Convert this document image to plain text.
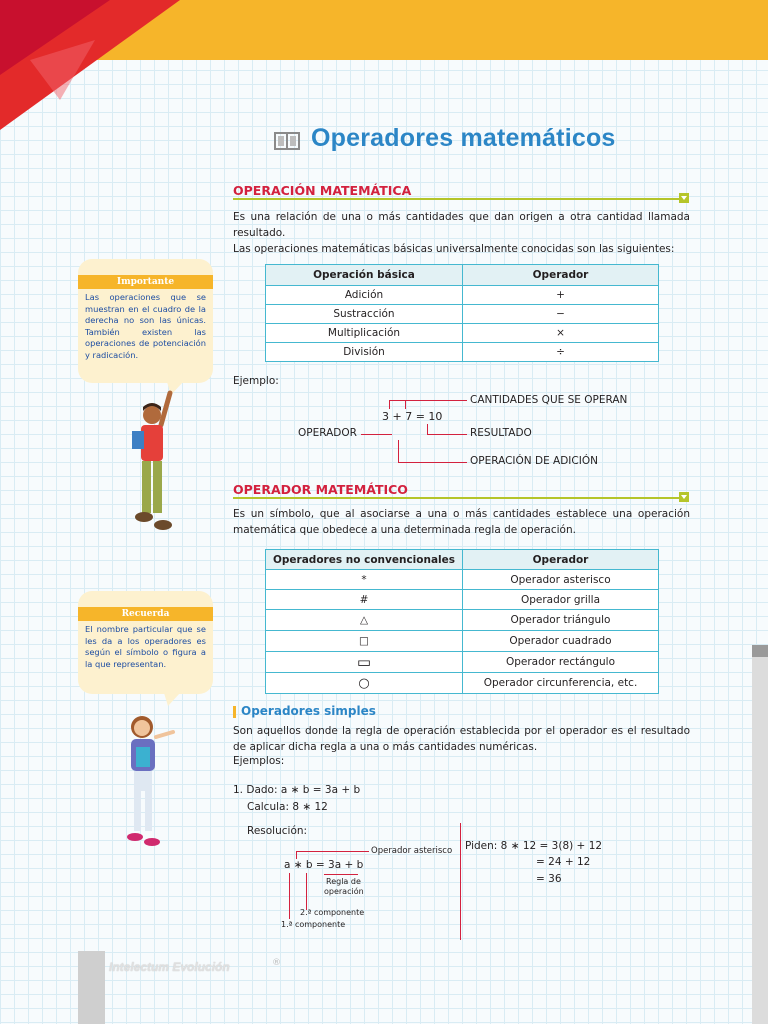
Operadores matemáticos
OPERACIÓN MATEMÁTICA
Es una relación de una o más cantidades que dan origen a otra cantidad llamada resultado.
Las operaciones matemáticas básicas universalmente conocidas son las siguientes:
Operación básica	Operador
Adición	+
Sustracción	−
Multiplicación	×
División	÷
Ejemplo:
CANTIDADES QUE SE OPERAN
3 + 7 = 10
OPERADOR	RESULTADO
OPERACIÓN DE ADICIÓN
OPERADOR MATEMÁTICO
Es un símbolo, que al asociarse a una o más cantidades establece una operación matemática que obedece a una determinada regla de operación.
Operadores no convencionales	Operador
*	Operador asterisco
#	Operador grilla
△	Operador triángulo
□	Operador cuadrado
▭	Operador rectángulo
○	Operador circunferencia, etc.
Operadores simples
Son aquellos donde la regla de operación establecida por el operador es el resultado de aplicar dicha regla a una o más cantidades numéricas.
Ejemplos:
1. Dado: a ∗ b = 3a + b
Calcula: 8 ∗ 12
Resolución:
Operador asterisco
a ∗ b = 3a + b
Regla de
operación
2.ª componente
1.ª componente
Piden: 8 ∗ 12 = 3(8) + 12
= 24 + 12
= 36
Importante
Las operaciones que se muestran en el cuadro de la derecha no son las únicas. También existen las operaciones de potenciación y radicación.
Recuerda
El nombre particular que se les da a los operadores es según el símbolo o figura a la que representan.
Intelectum Evolución	®
